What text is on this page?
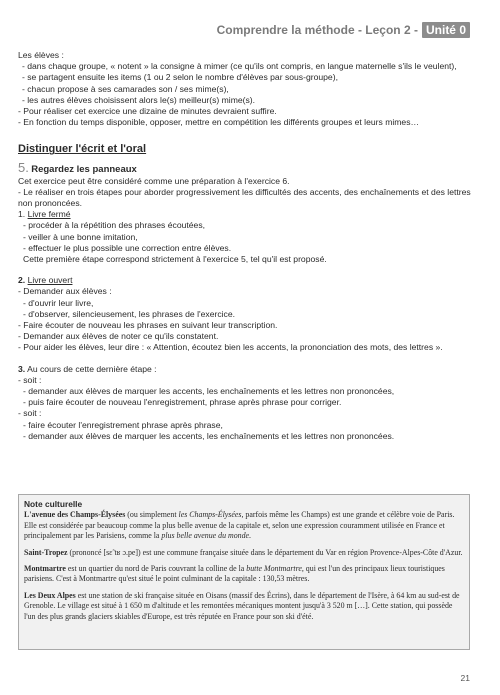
Comprendre la méthode - Leçon 2 - Unité 0

Les élèves :

- dans chaque groupe, « notent » la consigne à mimer (ce qu'ils ont compris, en langue maternelle s'ils le veulent),

- se partagent ensuite les items (1 ou 2 selon le nombre d'élèves par sous-groupe),

- chacun propose à ses camarades son / ses mime(s),

- les autres élèves choisissent alors le(s) meilleur(s) mime(s).

- Pour réaliser cet exercice une dizaine de minutes devraient suffire.

- En fonction du temps disponible, opposer, mettre en compétition les différents groupes et leurs mimes…

Distinguer l'écrit et l'oral

5. Regardez les panneaux

Cet exercice peut être considéré comme une préparation à l'exercice 6.

- Le réaliser en trois étapes pour aborder progressivement les difficultés des accents, des enchaînements et des lettres non prononcées.

1. Livre fermé

- procéder à la répétition des phrases écoutées,

- veiller à une bonne imitation,

- effectuer le plus possible une correction entre élèves.

Cette première étape correspond strictement à l'exercice 5, tel qu'il est proposé.

2. Livre ouvert

- Demander aux élèves :

- d'ouvrir leur livre,

- d'observer, silencieusement, les phrases de l'exercice.

- Faire écouter de nouveau les phrases en suivant leur transcription.

- Demander aux élèves de noter ce qu'ils constatent.

- Pour aider les élèves, leur dire : « Attention, écoutez bien les accents, la prononciation des mots, des lettres ».

3. Au cours de cette dernière étape :

- soit :

- demander aux élèves de marquer les accents, les enchaînements et les lettres non prononcées,

- puis faire écouter de nouveau l'enregistrement, phrase après phrase pour corriger.

- soit :

- faire écouter l'enregistrement phrase après phrase,

- demander aux élèves de marquer les accents, les enchaînements et les lettres non prononcées.

Note culturelle

L'avenue des Champs-Élysées (ou simplement les Champs-Élysées, parfois même les Champs) est une grande et célèbre voie de Paris. Elle est considérée par beaucoup comme la plus belle avenue de la capitale et, selon une expression couramment utilisée en France et principalement par les Parisiens, comme la plus belle avenue du monde.

Saint-Tropez (prononcé [sɛ̃ tʁ ɔ.pe]) est une commune française située dans le département du Var en région Provence-Alpes-Côte d'Azur.

Montmartre est un quartier du nord de Paris couvrant la colline de la butte Montmartre, qui est l'un des principaux lieux touristiques parisiens. C'est à Montmartre qu'est situé le point culminant de la capitale : 130,53 mètres.

Les Deux Alpes est une station de ski française située en Oisans (massif des Écrins), dans le département de l'Isère, à 64 km au sud-est de Grenoble. Le village est situé à 1 650 m d'altitude et les remontées mécaniques montent jusqu'à 3 520 m […]. Cette station, qui possède l'un des plus grands glaciers skiables d'Europe, est très réputée en France pour son ski d'été.

21
